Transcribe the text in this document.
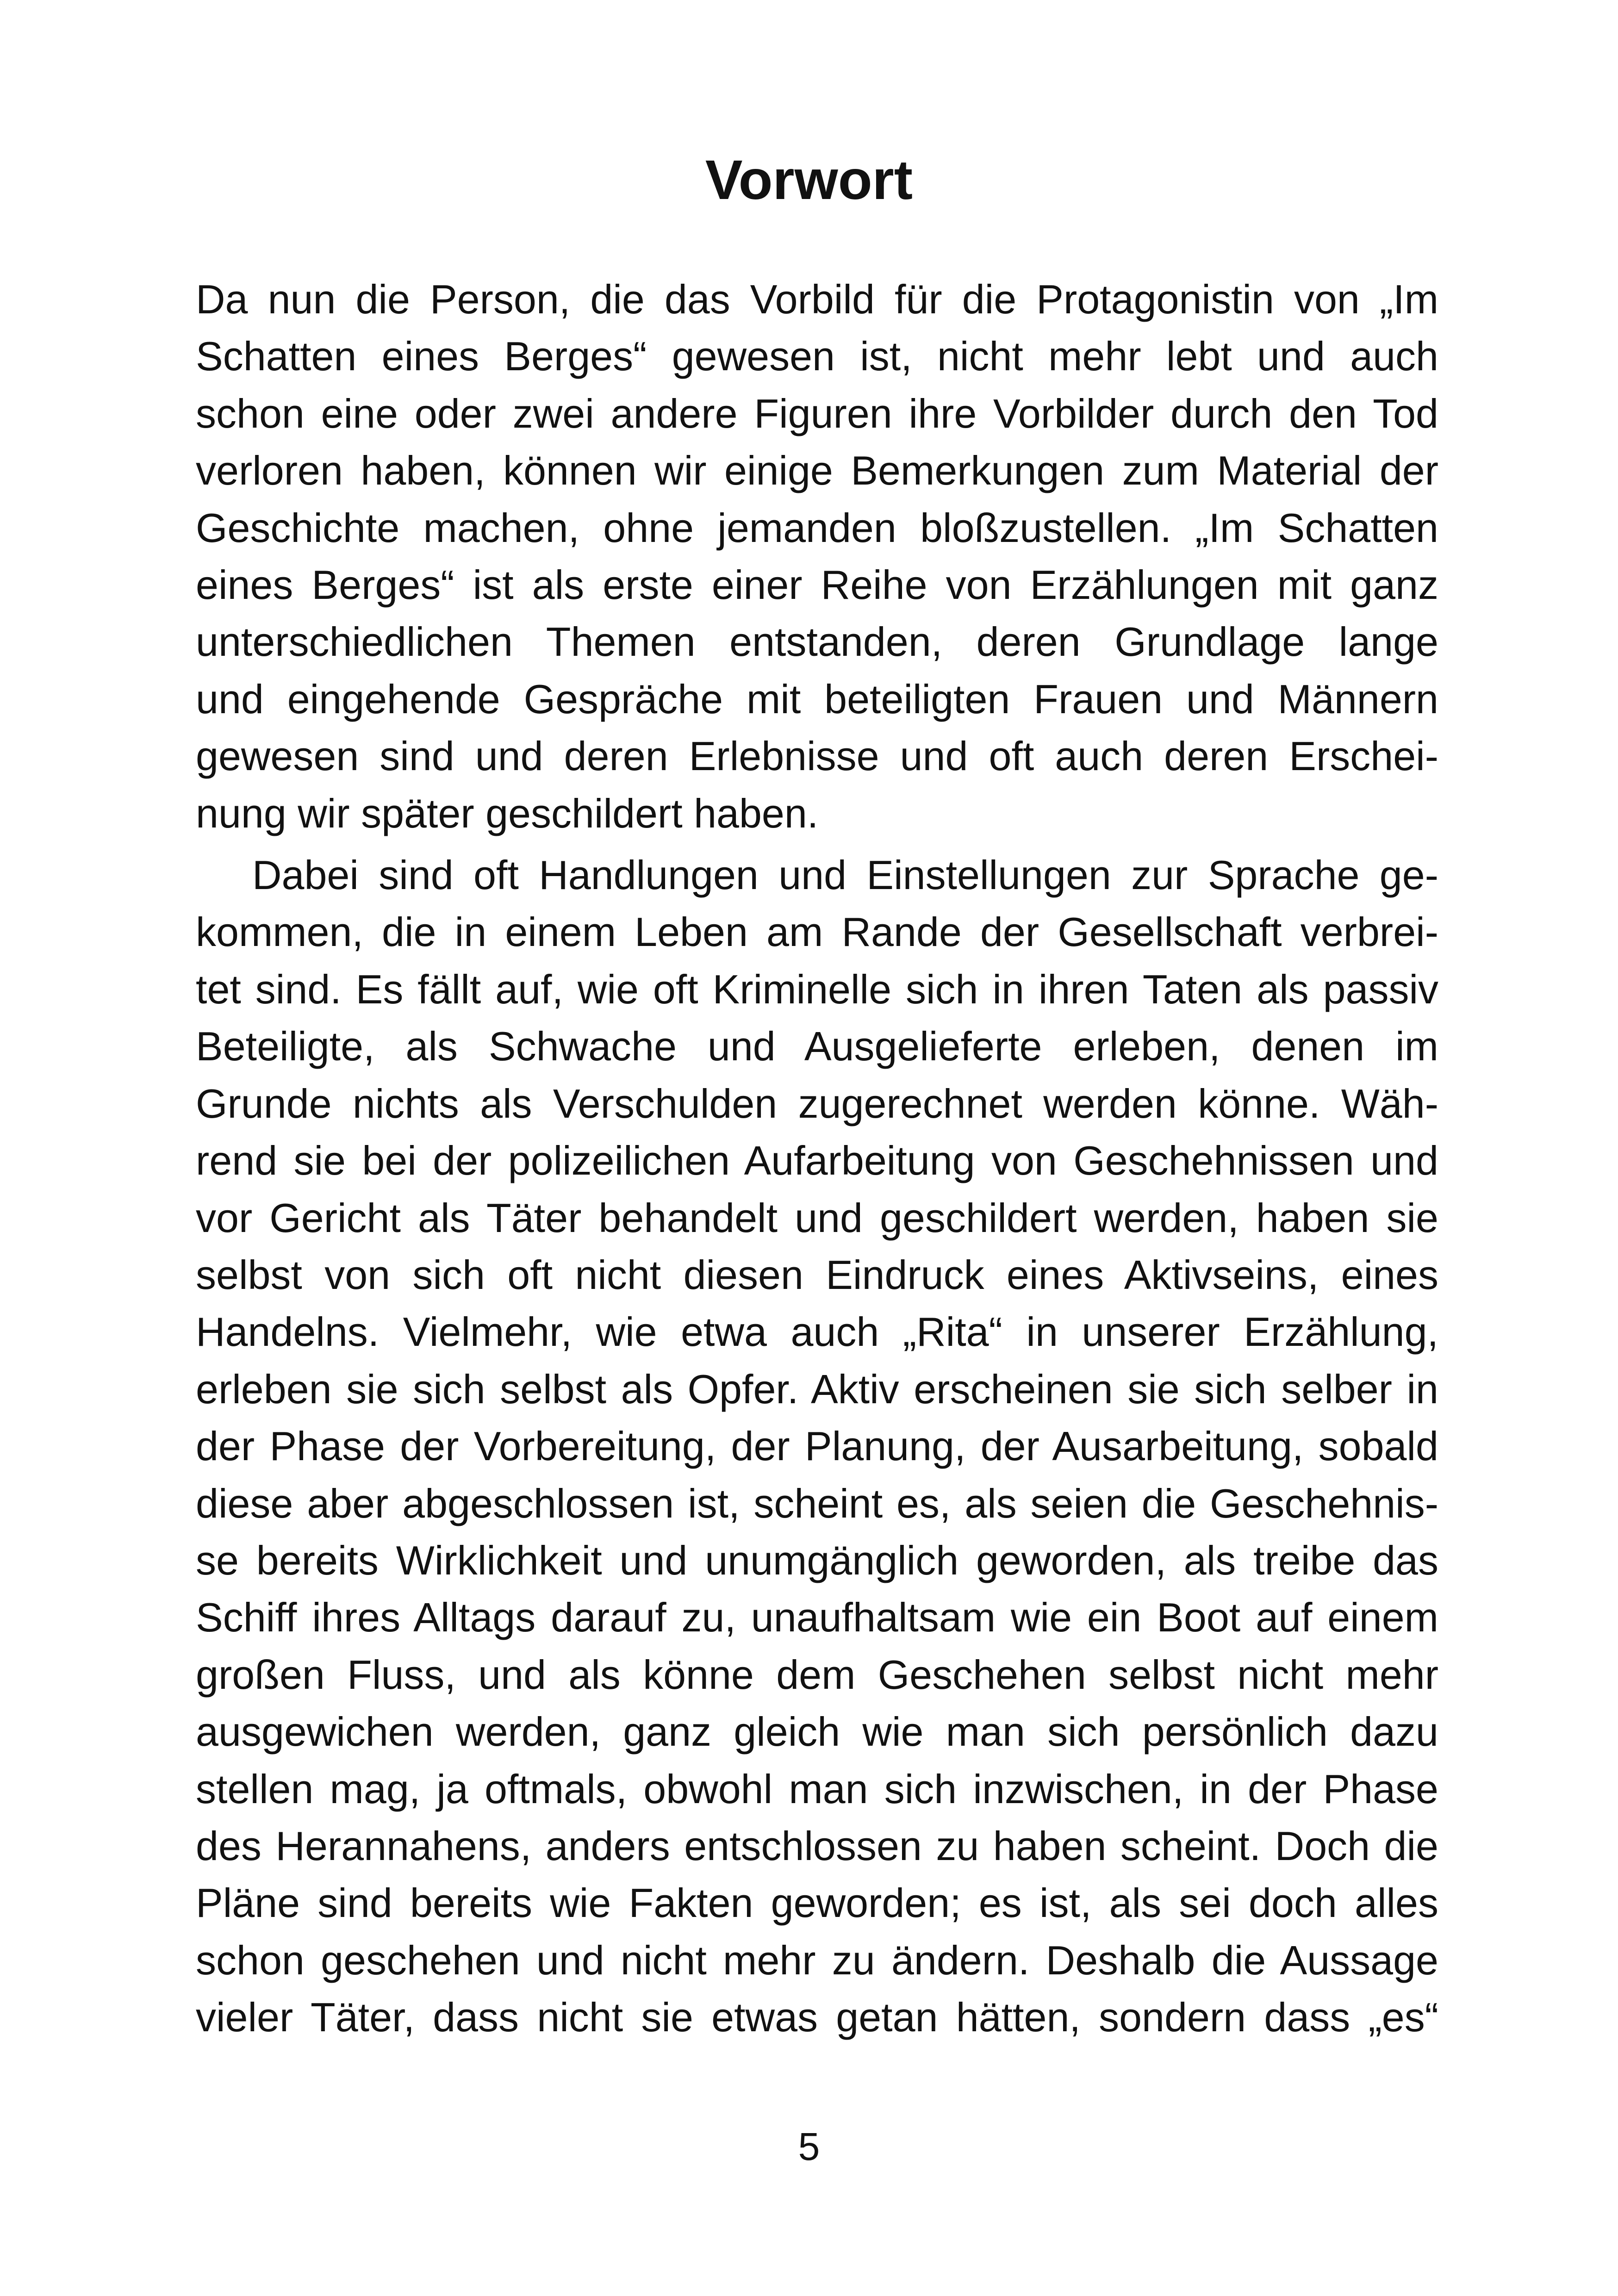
Vorwort
Da nun die Person, die das Vorbild für die Protagonistin von „Im
Schatten eines Berges“ gewesen ist, nicht mehr lebt und auch
schon eine oder zwei andere Figuren ihre Vorbilder durch den Tod
verloren haben, können wir einige Bemerkungen zum Material der
Geschichte machen, ohne jemanden bloßzustellen. „Im Schatten
eines Berges“ ist als erste einer Reihe von Erzählungen mit ganz
unterschiedlichen Themen entstanden, deren Grundlage lange
und eingehende Gespräche mit beteiligten Frauen und Männern
gewesen sind und deren Erlebnisse und oft auch deren Erschei-
nung wir später geschildert haben.
Dabei sind oft Handlungen und Einstellungen zur Sprache ge-
kommen, die in einem Leben am Rande der Gesellschaft verbrei-
tet sind. Es fällt auf, wie oft Kriminelle sich in ihren Taten als passiv
Beteiligte, als Schwache und Ausgelieferte erleben, denen im
Grunde nichts als Verschulden zugerechnet werden könne. Wäh-
rend sie bei der polizeilichen Aufarbeitung von Geschehnissen und
vor Gericht als Täter behandelt und geschildert werden, haben sie
selbst von sich oft nicht diesen Eindruck eines Aktivseins, eines
Handelns. Vielmehr, wie etwa auch „Rita“ in unserer Erzählung,
erleben sie sich selbst als Opfer. Aktiv erscheinen sie sich selber in
der Phase der Vorbereitung, der Planung, der Ausarbeitung, sobald
diese aber abgeschlossen ist, scheint es, als seien die Geschehnis-
se bereits Wirklichkeit und unumgänglich geworden, als treibe das
Schiff ihres Alltags darauf zu, unaufhaltsam wie ein Boot auf einem
großen Fluss, und als könne dem Geschehen selbst nicht mehr
ausgewichen werden, ganz gleich wie man sich persönlich dazu
stellen mag, ja oftmals, obwohl man sich inzwischen, in der Phase
des Herannahens, anders entschlossen zu haben scheint. Doch die
Pläne sind bereits wie Fakten geworden; es ist, als sei doch alles
schon geschehen und nicht mehr zu ändern. Deshalb die Aussage
vieler Täter, dass nicht sie etwas getan hätten, sondern dass „es“
5
